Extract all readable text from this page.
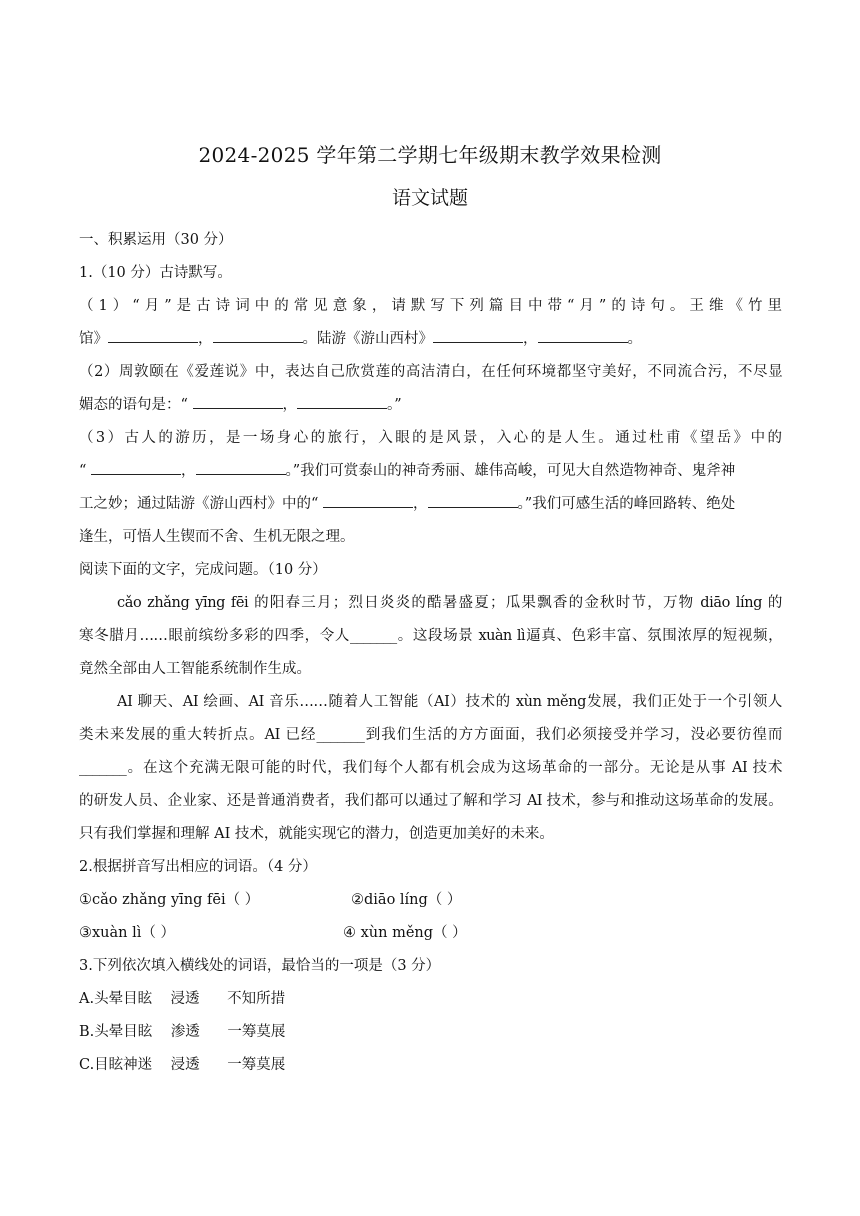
2024-2025 学年第二学期七年级期末教学效果检测
语文试题
一、积累运用（30 分）
1.（10 分）古诗默写。
（1）“月”是古诗词中的常见意象，请默写下列篇目中带“月”的诗句。王维《竹里
馆》	，	。陆游《游山西村》	，	。
（2）周敦颐在《爱莲说》中，表达自己欣赏莲的高洁清白，在任何环境都坚守美好，不同流合污，不尽显
媚态的语句是：“	，	。”
（3）古人的游历，是一场身心的旅行，入眼的是风景，入心的是人生。通过杜甫《望岳》中的
“	，	。”我们可赏泰山的神奇秀丽、雄伟高峻，可见大自然造物神奇、鬼斧神
工之妙；通过陆游《游山西村》中的“	，	。”我们可感生活的峰回路转、绝处
逢生，可悟人生锲而不舍、生机无限之理。
阅读下面的文字，完成问题。（10 分）
cǎo zhǎng yīng fēi 的阳春三月；烈日炎炎的酷暑盛夏；瓜果飘香的金秋时节，万物 diāo líng 的
寒冬腊月……眼前缤纷多彩的四季，令人_______。这段场景 xuàn lì逼真、色彩丰富、氛围浓厚的短视频，
竟然全部由人工智能系统制作生成。
AI 聊天、AI 绘画、AI 音乐……随着人工智能（AI）技术的 xùn měng发展，我们正处于一个引领人
类未来发展的重大转折点。AI 已经_______到我们生活的方方面面，我们必须接受并学习，没必要彷徨而
_______。在这个充满无限可能的时代，我们每个人都有机会成为这场革命的一部分。无论是从事 AI 技术
的研发人员、企业家、还是普通消费者，我们都可以通过了解和学习 AI 技术，参与和推动这场革命的发展。
只有我们掌握和理解 AI 技术，就能实现它的潜力，创造更加美好的未来。
2.根据拼音写出相应的词语。（4 分）
①cǎo zhǎng yīng fēi（ ）	②diāo líng（ ）
③xuàn lì（ ）	④ xùn měng（ ）
3.下列依次填入横线处的词语，最恰当的一项是（3 分）
A.头晕目眩    浸透      不知所措
B.头晕目眩    渗透      一筹莫展
C.目眩神迷    浸透      一筹莫展
